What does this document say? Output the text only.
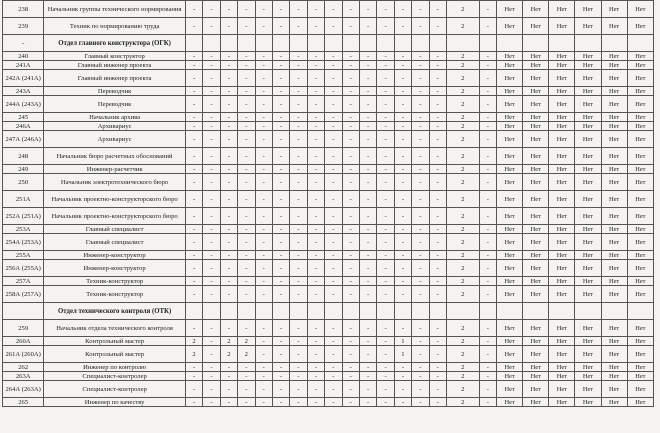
238	Начальник группы технического нормирования	-	-	-	-	-	-	-	-	-	-	-	-	-	-	-	2	-	Нет	Нет	Нет	Нет	Нет	Нет
239	Техник по нормированию труда	-	-	-	-	-	-	-	-	-	-	-	-	-	-	-	2	-	Нет	Нет	Нет	Нет	Нет	Нет
-	Отдел главного конструктора (ОГК)																							
240	Главный конструктор	-	-	-	-	-	-	-	-	-	-	-	-	-	-	-	2	-	Нет	Нет	Нет	Нет	Нет	Нет
241А	Главный инженер проекта	-	-	-	-	-	-	-	-	-	-	-	-	-	-	-	2	-	Нет	Нет	Нет	Нет	Нет	Нет
242А (241А)	Главный инженер проекта	-	-	-	-	-	-	-	-	-	-	-	-	-	-	-	2	-	Нет	Нет	Нет	Нет	Нет	Нет
243А	Переводчик	-	-	-	-	-	-	-	-	-	-	-	-	-	-	-	2	-	Нет	Нет	Нет	Нет	Нет	Нет
244А (243А)	Переводчик	-	-	-	-	-	-	-	-	-	-	-	-	-	-	-	2	-	Нет	Нет	Нет	Нет	Нет	Нет
245	Начальник архива	-	-	-	-	-	-	-	-	-	-	-	-	-	-	-	2	-	Нет	Нет	Нет	Нет	Нет	Нет
246А	Архивариус	-	-	-	-	-	-	-	-	-	-	-	-	-	-	-	2	-	Нет	Нет	Нет	Нет	Нет	Нет
247А (246А)	Архивариус	-	-	-	-	-	-	-	-	-	-	-	-	-	-	-	2	-	Нет	Нет	Нет	Нет	Нет	Нет
248	Начальник бюро расчетных обоснований	-	-	-	-	-	-	-	-	-	-	-	-	-	-	-	2	-	Нет	Нет	Нет	Нет	Нет	Нет
249	Инженер-расчетчик	-	-	-	-	-	-	-	-	-	-	-	-	-	-	-	2	-	Нет	Нет	Нет	Нет	Нет	Нет
250	Начальник электротехнического бюро	-	-	-	-	-	-	-	-	-	-	-	-	-	-	-	2	-	Нет	Нет	Нет	Нет	Нет	Нет
251А	Начальник проектно-конструкторского бюро	-	-	-	-	-	-	-	-	-	-	-	-	-	-	-	2	-	Нет	Нет	Нет	Нет	Нет	Нет
252А (251А)	Начальник проектно-конструкторского бюро	-	-	-	-	-	-	-	-	-	-	-	-	-	-	-	2	-	Нет	Нет	Нет	Нет	Нет	Нет
253А	Главный специалист	-	-	-	-	-	-	-	-	-	-	-	-	-	-	-	2	-	Нет	Нет	Нет	Нет	Нет	Нет
254А (253А)	Главный специалист	-	-	-	-	-	-	-	-	-	-	-	-	-	-	-	2	-	Нет	Нет	Нет	Нет	Нет	Нет
255А	Инженер-конструктор	-	-	-	-	-	-	-	-	-	-	-	-	-	-	-	2	-	Нет	Нет	Нет	Нет	Нет	Нет
256А (255А)	Инженер-конструктор	-	-	-	-	-	-	-	-	-	-	-	-	-	-	-	2	-	Нет	Нет	Нет	Нет	Нет	Нет
257А	Техник-конструктор	-	-	-	-	-	-	-	-	-	-	-	-	-	-	-	2	-	Нет	Нет	Нет	Нет	Нет	Нет
258А (257А)	Техник-конструктор	-	-	-	-	-	-	-	-	-	-	-	-	-	-	-	2	-	Нет	Нет	Нет	Нет	Нет	Нет
	Отдел технического контроля (ОТК)																							
259	Начальник отдела технического контроля	-	-	-	-	-	-	-	-	-	-	-	-	-	-	-	2	-	Нет	Нет	Нет	Нет	Нет	Нет
260А	Контрольный мастер	2	-	2	2	-	-	-	-	-	-	-	-	1	-	-	2	-	Нет	Нет	Нет	Нет	Нет	Нет
261А (260А)	Контрольный мастер	2	-	2	2	-	-	-	-	-	-	-	-	1	-	-	2	-	Нет	Нет	Нет	Нет	Нет	Нет
262	Инженер по контролю	-	-	-	-	-	-	-	-	-	-	-	-	-	-	-	2	-	Нет	Нет	Нет	Нет	Нет	Нет
263А	Специалист-контролер	-	-	-	-	-	-	-	-	-	-	-	-	-	-	-	2	-	Нет	Нет	Нет	Нет	Нет	Нет
264А (263А)	Специалист-контролер	-	-	-	-	-	-	-	-	-	-	-	-	-	-	-	2	-	Нет	Нет	Нет	Нет	Нет	Нет
265	Инженер по качеству	-	-	-	-	-	-	-	-	-	-	-	-	-	-	-	2	-	Нет	Нет	Нет	Нет	Нет	Нет
